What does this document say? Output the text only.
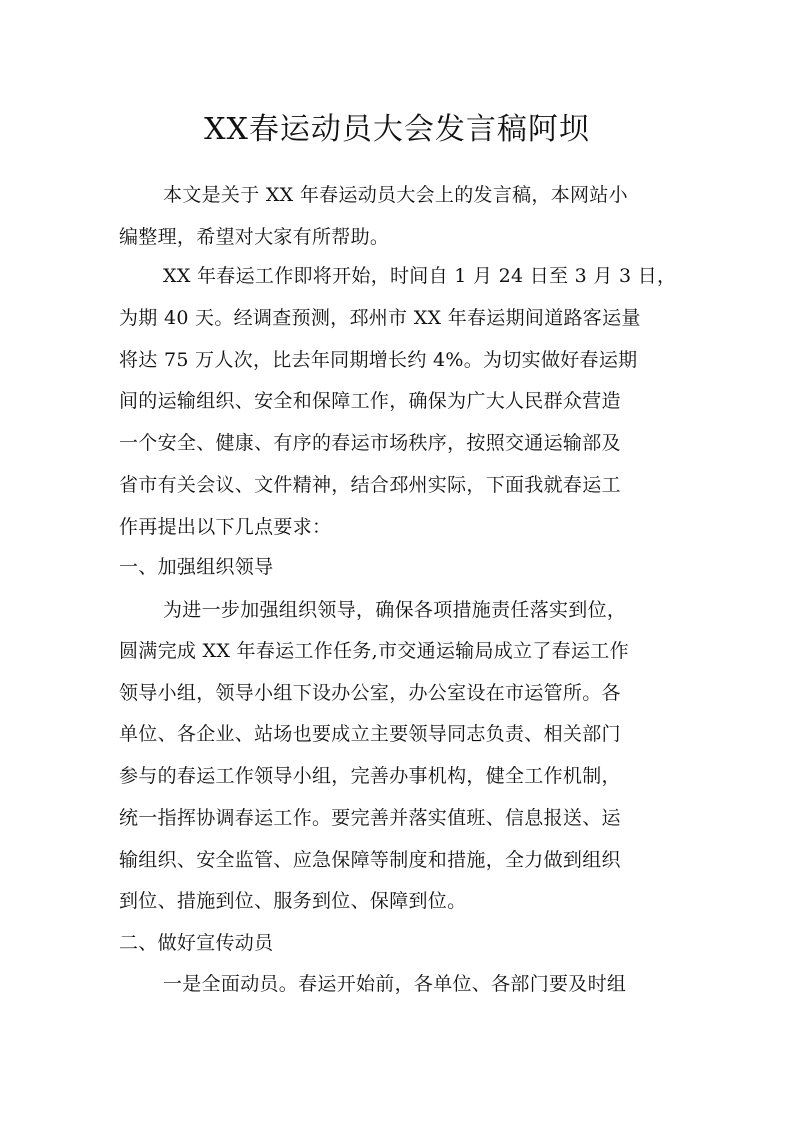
XX春运动员大会发言稿阿坝
本文是关于 XX 年春运动员大会上的发言稿，本网站小
编整理，希望对大家有所帮助。
XX 年春运工作即将开始，时间自 1 月 24 日至 3 月 3 日，
为期 40 天。经调查预测，邳州市 XX 年春运期间道路客运量
将达 75 万人次，比去年同期增长约 4%。为切实做好春运期
间的运输组织、安全和保障工作，确保为广大人民群众营造
一个安全、健康、有序的春运市场秩序，按照交通运输部及
省市有关会议、文件精神，结合邳州实际，下面我就春运工
作再提出以下几点要求：
一、加强组织领导
为进一步加强组织领导，确保各项措施责任落实到位，
圆满完成 XX 年春运工作任务,市交通运输局成立了春运工作
领导小组，领导小组下设办公室，办公室设在市运管所。各
单位、各企业、站场也要成立主要领导同志负责、相关部门
参与的春运工作领导小组，完善办事机构，健全工作机制，
统一指挥协调春运工作。要完善并落实值班、信息报送、运
输组织、安全监管、应急保障等制度和措施，全力做到组织
到位、措施到位、服务到位、保障到位。
二、做好宣传动员
一是全面动员。春运开始前，各单位、各部门要及时组
